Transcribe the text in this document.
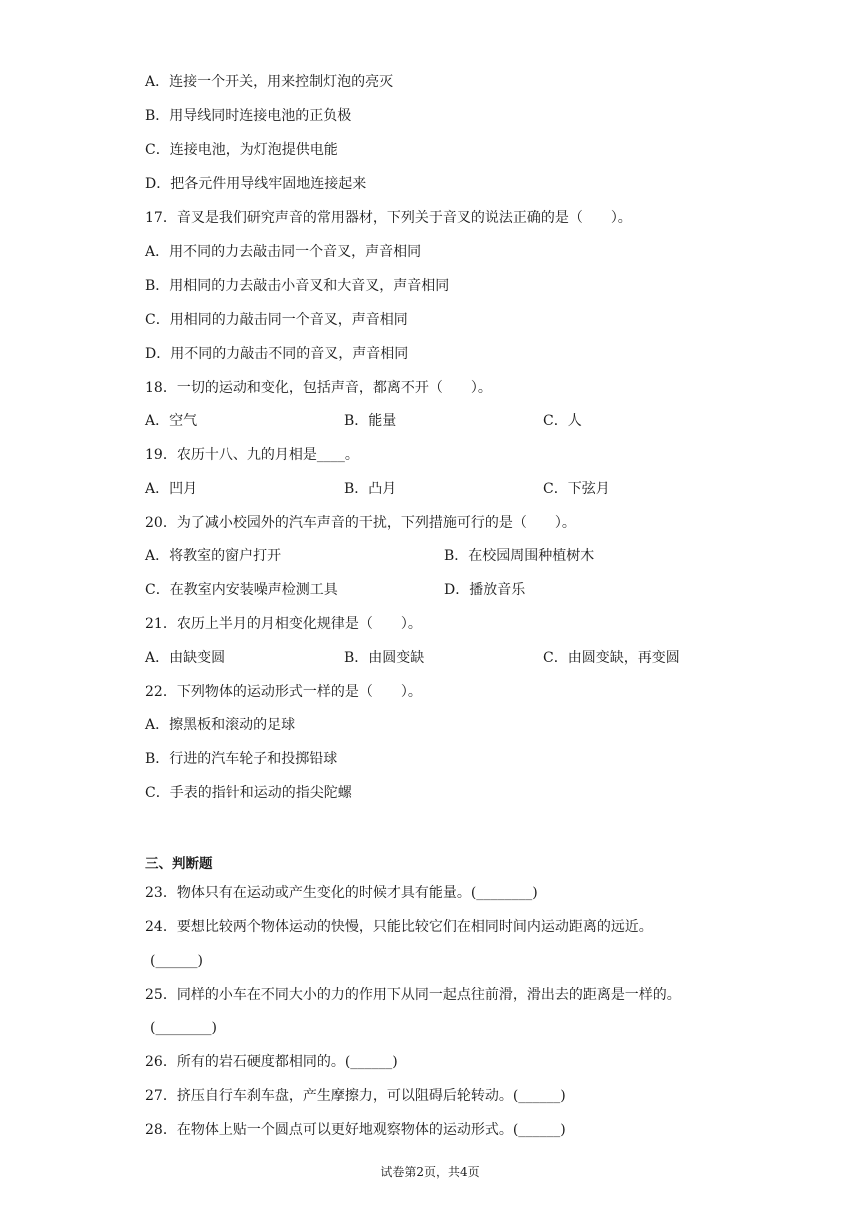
A．连接一个开关，用来控制灯泡的亮灭
B．用导线同时连接电池的正负极
C．连接电池，为灯泡提供电能
D．把各元件用导线牢固地连接起来
17．音叉是我们研究声音的常用器材，下列关于音叉的说法正确的是（　　）。
A．用不同的力去敲击同一个音叉，声音相同
B．用相同的力去敲击小音叉和大音叉，声音相同
C．用相同的力敲击同一个音叉，声音相同
D．用不同的力敲击不同的音叉，声音相同
18．一切的运动和变化，包括声音，都离不开（　　）。
A．空气	B．能量	C．人
19．农历十八、九的月相是____。
A．凹月	B．凸月	C．下弦月
20．为了减小校园外的汽车声音的干扰，下列措施可行的是（　　）。
A．将教室的窗户打开	B．在校园周围种植树木
C．在教室内安装噪声检测工具	D．播放音乐
21．农历上半月的月相变化规律是（　　）。
A．由缺变圆	B．由圆变缺	C．由圆变缺，再变圆
22．下列物体的运动形式一样的是（　　）。
A．擦黑板和滚动的足球
B．行进的汽车轮子和投掷铅球
C．手表的指针和运动的指尖陀螺
三、判断题
23．物体只有在运动或产生变化的时候才具有能量。(________)
24．要想比较两个物体运动的快慢，只能比较它们在相同时间内运动距离的远近。
(______)
25．同样的小车在不同大小的力的作用下从同一起点往前滑，滑出去的距离是一样的。
(________)
26．所有的岩石硬度都相同的。(______)
27．挤压自行车刹车盘，产生摩擦力，可以阻碍后轮转动。(______)
28．在物体上贴一个圆点可以更好地观察物体的运动形式。(______)
试卷第2页，共4页
